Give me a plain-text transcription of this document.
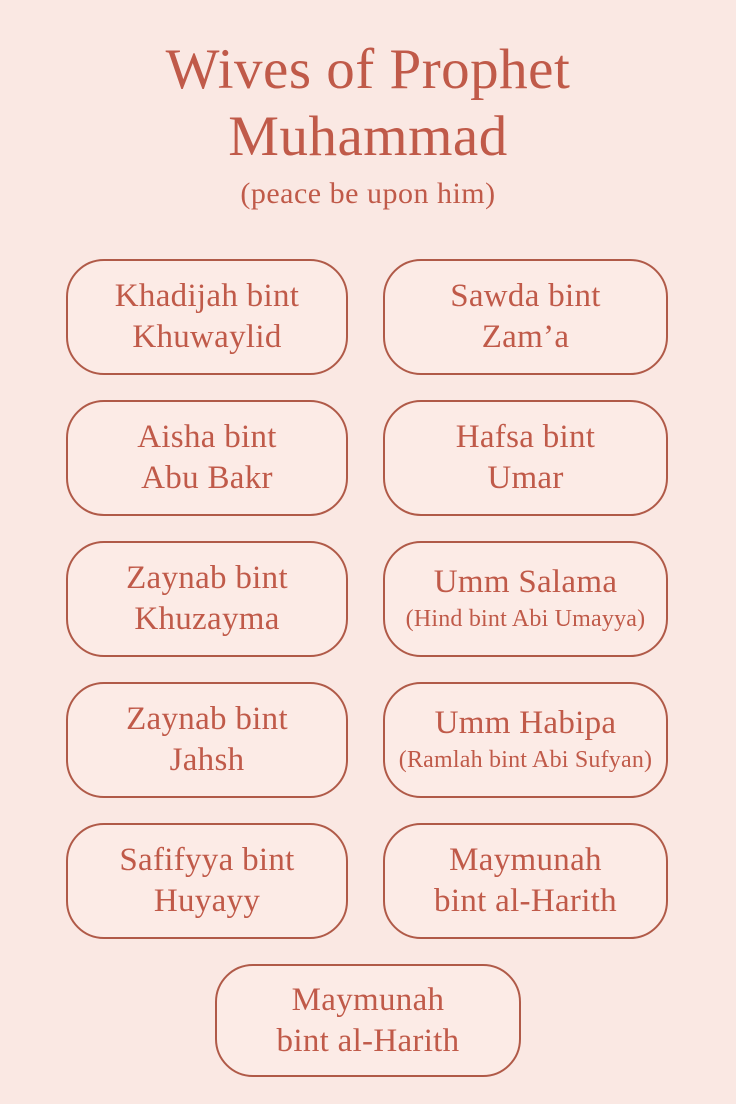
Wives of Prophet
Muhammad
(peace be upon him)
Khadijah bint
Khuwaylid
Sawda bint
Zam’a
Aisha bint
Abu Bakr
Hafsa bint
Umar
Zaynab bint
Khuzayma
Umm Salama
(Hind bint Abi Umayya)
Zaynab bint
Jahsh
Umm Habipa
(Ramlah bint Abi Sufyan)
Safifyya bint
Huyayy
Maymunah
bint al-Harith
Maymunah
bint al-Harith
